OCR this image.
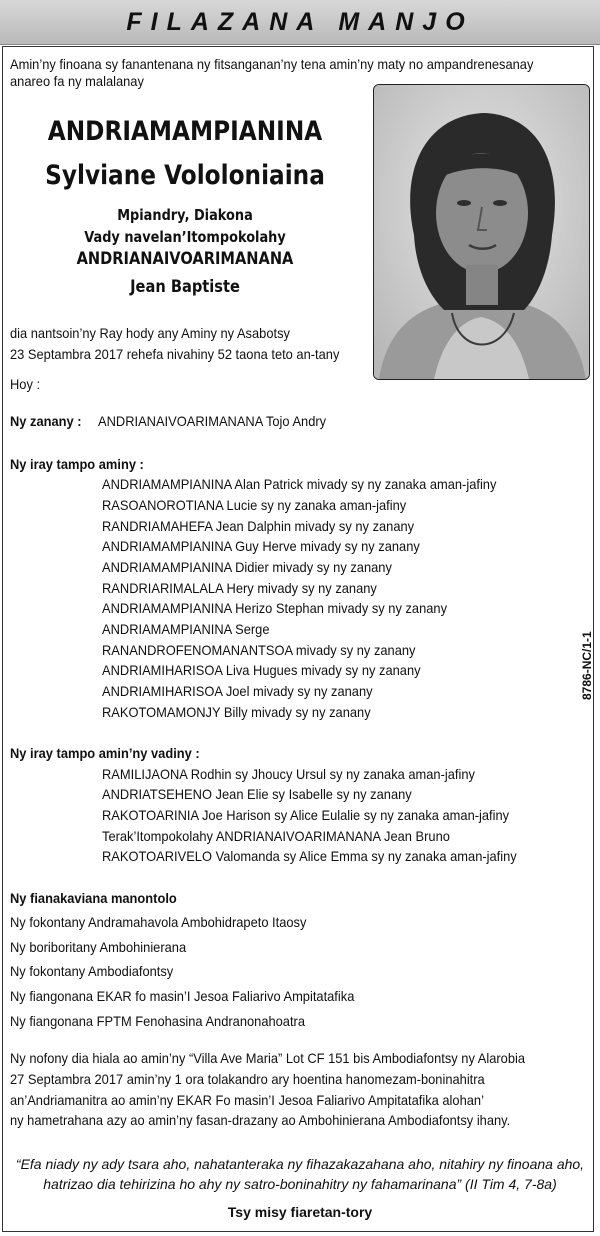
FILAZANA MANJO
Amin’ny finoana sy fanantenana ny fitsanganan’ny tena amin’ny maty no ampandrenesanay anareo fa ny malalanay
ANDRIAMAMPIANINA
Sylviane Vololoniaina
Mpiandry, Diakona
Vady navelan’Itompokolahy
ANDRIANAIVOARIMANANA
Jean Baptiste
dia nantsoin’ny Ray hody any Aminy ny Asabotsy
23 Septambra 2017 rehefa nivahiny 52 taona teto an-tany
Hoy :
Ny zanany : ANDRIANAIVOARIMANANA Tojo Andry
Ny iray tampo aminy :
ANDRIAMAMPIANINA Alan Patrick mivady sy ny zanaka aman-jafiny
RASOANOROTIANA Lucie sy ny zanaka aman-jafiny
RANDRIAMAHEFA Jean Dalphin mivady sy ny zanany
ANDRIAMAMPIANINA Guy Herve mivady sy ny zanany
ANDRIAMAMPIANINA Didier mivady sy ny zanany
RANDRIARIMALALA Hery mivady sy ny zanany
ANDRIAMAMPIANINA Herizo Stephan mivady sy ny zanany
ANDRIAMAMPIANINA Serge
RANANDROFENOMANANTSOA mivady sy ny zanany
ANDRIAMIHARISOA Liva Hugues mivady sy ny zanany
ANDRIAMIHARISOA Joel mivady sy ny zanany
RAKOTOMAMONJY Billy mivady sy ny zanany
8786-NC/1-1
Ny iray tampo amin’ny vadiny :
RAMILIJAONA Rodhin sy Jhoucy Ursul sy ny zanaka aman-jafiny
ANDRIATSEHENO Jean Elie sy Isabelle sy ny zanany
RAKOTOARINIA Joe Harison sy Alice Eulalie sy ny zanaka aman-jafiny
Terak’Itompokolahy ANDRIANAIVOARIMANANA Jean Bruno
RAKOTOARIVELO Valomanda sy Alice Emma sy ny zanaka aman-jafiny
Ny fianakaviana manontolo
Ny fokontany Andramahavola Ambohidrapeto Itaosy
Ny boriboritany Ambohinierana
Ny fokontany Ambodiafontsy
Ny fiangonana EKAR fo masin’I Jesoa Faliarivo Ampitatafika
Ny fiangonana FPTM Fenohasina Andranonahoatra
Ny nofony dia hiala ao amin’ny “Villa Ave Maria” Lot CF 151 bis Ambodiafontsy ny Alarobia
27 Septambra 2017 amin’ny 1 ora tolakandro ary hoentina hanomezam-boninahitra
an’Andriamanitra ao amin’ny EKAR Fo masin’I Jesoa Faliarivo Ampitatafika alohan’
ny hametrahana azy ao amin’ny fasan-drazany ao Ambohinierana Ambodiafontsy ihany.
“Efa niady ny ady tsara aho, nahatanteraka ny fihazakazahana aho, nitahiry ny finoana aho,
hatrizao dia tehirizina ho ahy ny satro-boninahitry ny fahamarinana” (II Tim 4, 7-8a)
Tsy misy fiaretan-tory
